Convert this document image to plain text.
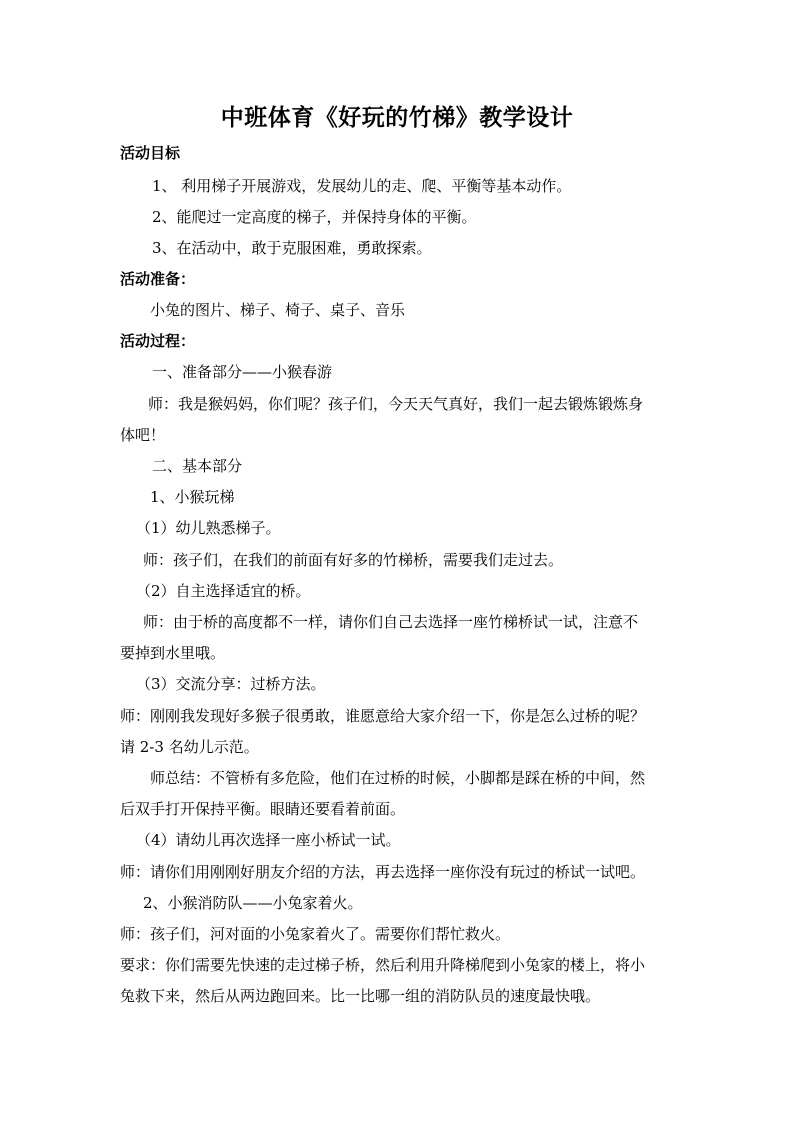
中班体育《好玩的竹梯》教学设计
活动目标
1、 利用梯子开展游戏，发展幼儿的走、爬、平衡等基本动作。
2、能爬过一定高度的梯子，并保持身体的平衡。
3、在活动中，敢于克服困难，勇敢探索。
活动准备：
小兔的图片、梯子、椅子、桌子、音乐
活动过程：
一、准备部分——小猴春游
师：我是猴妈妈，你们呢？孩子们，今天天气真好，我们一起去锻炼锻炼身
体吧！
二、基本部分
1、小猴玩梯
（1）幼儿熟悉梯子。
师：孩子们，在我们的前面有好多的竹梯桥，需要我们走过去。
（2）自主选择适宜的桥。
师：由于桥的高度都不一样，请你们自己去选择一座竹梯桥试一试，注意不
要掉到水里哦。
（3）交流分享：过桥方法。
师：刚刚我发现好多猴子很勇敢，谁愿意给大家介绍一下，你是怎么过桥的呢？
请 2-3 名幼儿示范。
师总结：不管桥有多危险，他们在过桥的时候，小脚都是踩在桥的中间，然
后双手打开保持平衡。眼睛还要看着前面。
（4）请幼儿再次选择一座小桥试一试。
师：请你们用刚刚好朋友介绍的方法，再去选择一座你没有玩过的桥试一试吧。
2、小猴消防队——小兔家着火。
师：孩子们，河对面的小兔家着火了。需要你们帮忙救火。
要求：你们需要先快速的走过梯子桥，然后利用升降梯爬到小兔家的楼上，将小
兔救下来，然后从两边跑回来。比一比哪一组的消防队员的速度最快哦。
